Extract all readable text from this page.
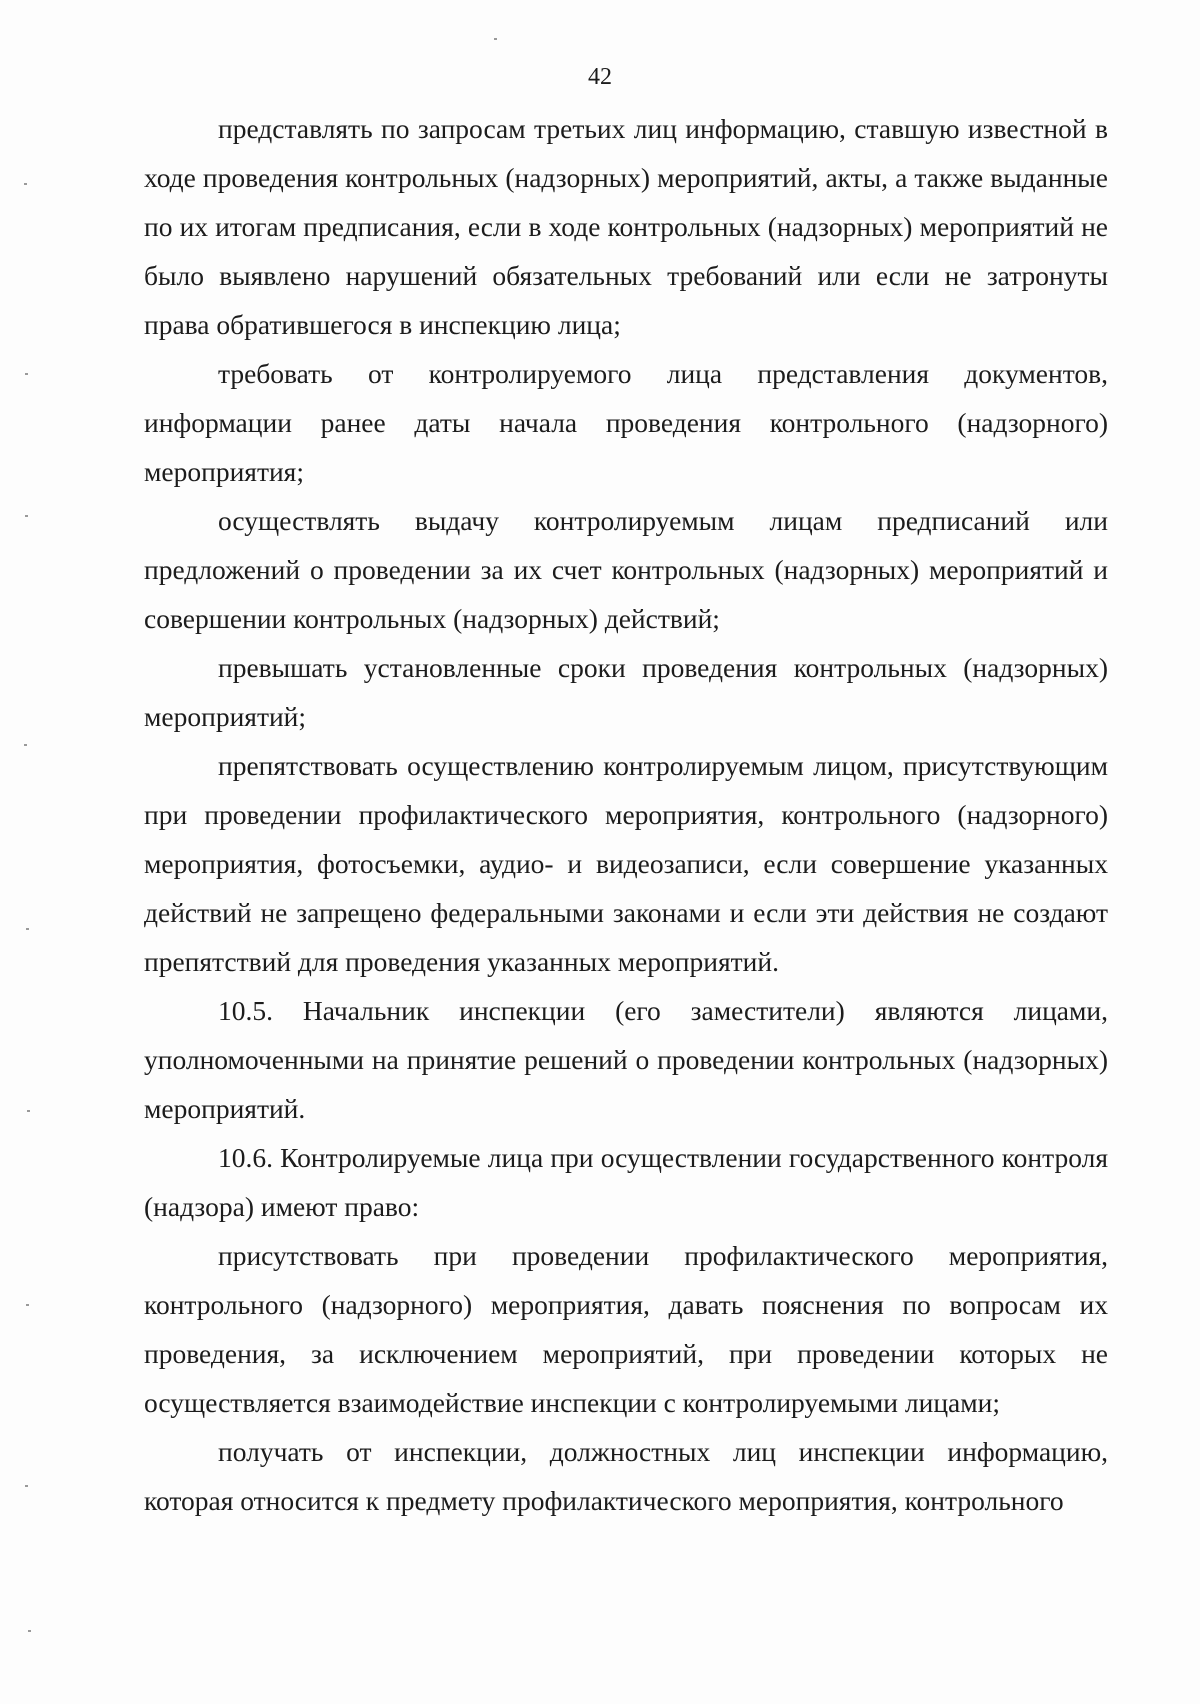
42

представлять по запросам третьих лиц информацию, ставшую известной в ходе проведения контрольных (надзорных) мероприятий, акты, а также выданные по их итогам предписания, если в ходе контрольных (надзорных) мероприятий не было выявлено нарушений обязательных требований или если не затронуты права обратившегося в инспекцию лица;

требовать от контролируемого лица представления документов, информации ранее даты начала проведения контрольного (надзорного) мероприятия;

осуществлять выдачу контролируемым лицам предписаний или предложений о проведении за их счет контрольных (надзорных) мероприятий и совершении контрольных (надзорных) действий;

превышать установленные сроки проведения контрольных (надзорных) мероприятий;

препятствовать осуществлению контролируемым лицом, присутствующим при проведении профилактического мероприятия, контрольного (надзорного) мероприятия, фотосъемки, аудио- и видеозаписи, если совершение указанных действий не запрещено федеральными законами и если эти действия не создают препятствий для проведения указанных мероприятий.

10.5. Начальник инспекции (его заместители) являются лицами, уполномоченными на принятие решений о проведении контрольных (надзорных) мероприятий.

10.6. Контролируемые лица при осуществлении государственного контроля (надзора) имеют право:

присутствовать при проведении профилактического мероприятия, контрольного (надзорного) мероприятия, давать пояснения по вопросам их проведения, за исключением мероприятий, при проведении которых не осуществляется взаимодействие инспекции с контролируемыми лицами;

получать от инспекции, должностных лиц инспекции информацию, которая относится к предмету профилактического мероприятия, контрольного
